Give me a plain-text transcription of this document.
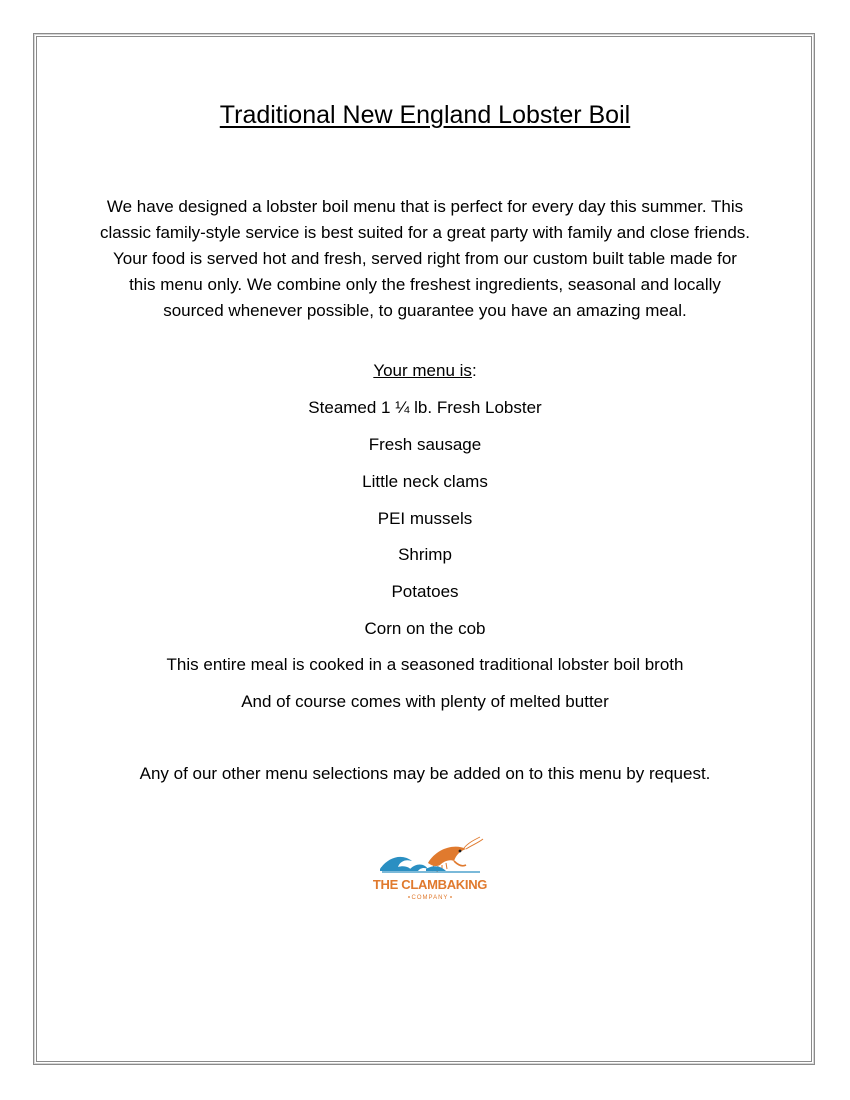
Traditional New England Lobster Boil
We have designed a lobster boil menu that is perfect for every day this summer. This classic family-style service is best suited for a great party with family and close friends. Your food is served hot and fresh, served right from our custom built table made for this menu only. We combine only the freshest ingredients, seasonal and locally sourced whenever possible, to guarantee you have an amazing meal.
Your menu is:
Steamed 1 ¼ lb. Fresh Lobster
Fresh sausage
Little neck clams
PEI mussels
Shrimp
Potatoes
Corn on the cob
This entire meal is cooked in a seasoned traditional lobster boil broth
And of course comes with plenty of melted butter
Any of our other menu selections may be added on to this menu by request.
THE CLAMBAKING
COMPANY
